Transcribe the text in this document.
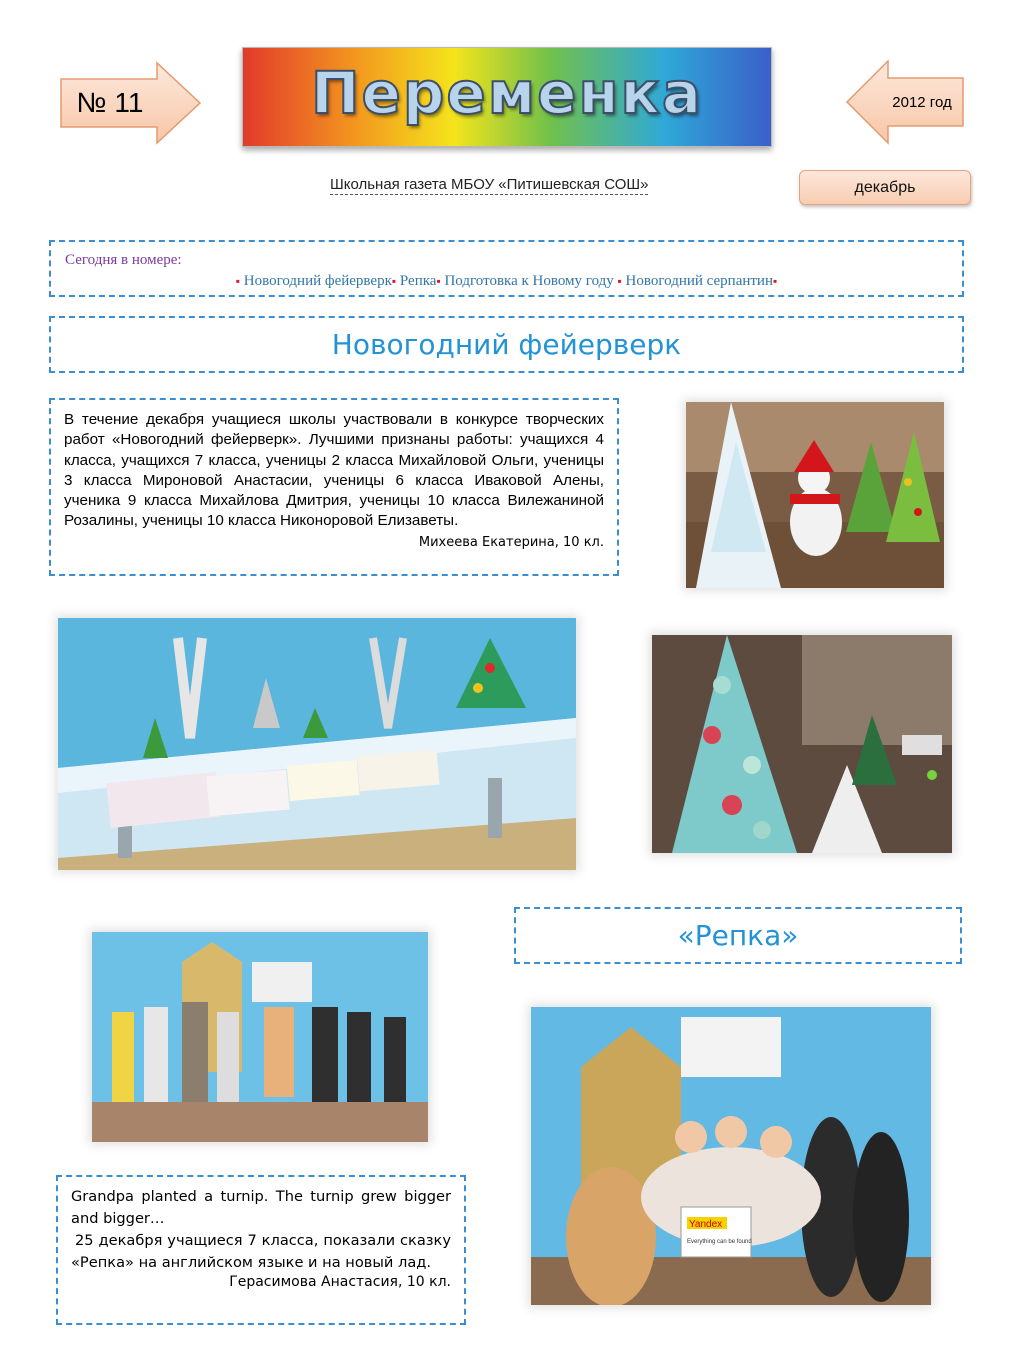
№ 11	Переменка	2012 год
Школьная газета МБОУ «Питишевская СОШ»	декабрь
Сегодня в номере:
▪ Новогодний фейерверк▪ Репка▪ Подготовка к Новому году ▪ Новогодний серпантин▪
Новогодний фейерверк
В течение декабря учащиеся школы участвовали в конкурсе творческих работ «Новогодний фейерверк». Лучшими признаны работы: учащихся 4 класса, учащихся 7 класса, ученицы 2 класса Михайловой Ольги, ученицы 3 класса Мироновой Анастасии, ученицы 6 класса Иваковой Алены, ученика 9 класса Михайлова Дмитрия, ученицы 10 класса Вилежаниной Розалины, ученицы 10 класса Никоноровой Елизаветы.
Михеева Екатерина, 10 кл.
«Репка»
Yandex
Everything can be found
Grandpa planted a turnip. The turnip grew bigger and bigger…
25 декабря учащиеся 7 класса, показали сказку «Репка» на английском языке и на новый лад.
Герасимова Анастасия, 10 кл.
